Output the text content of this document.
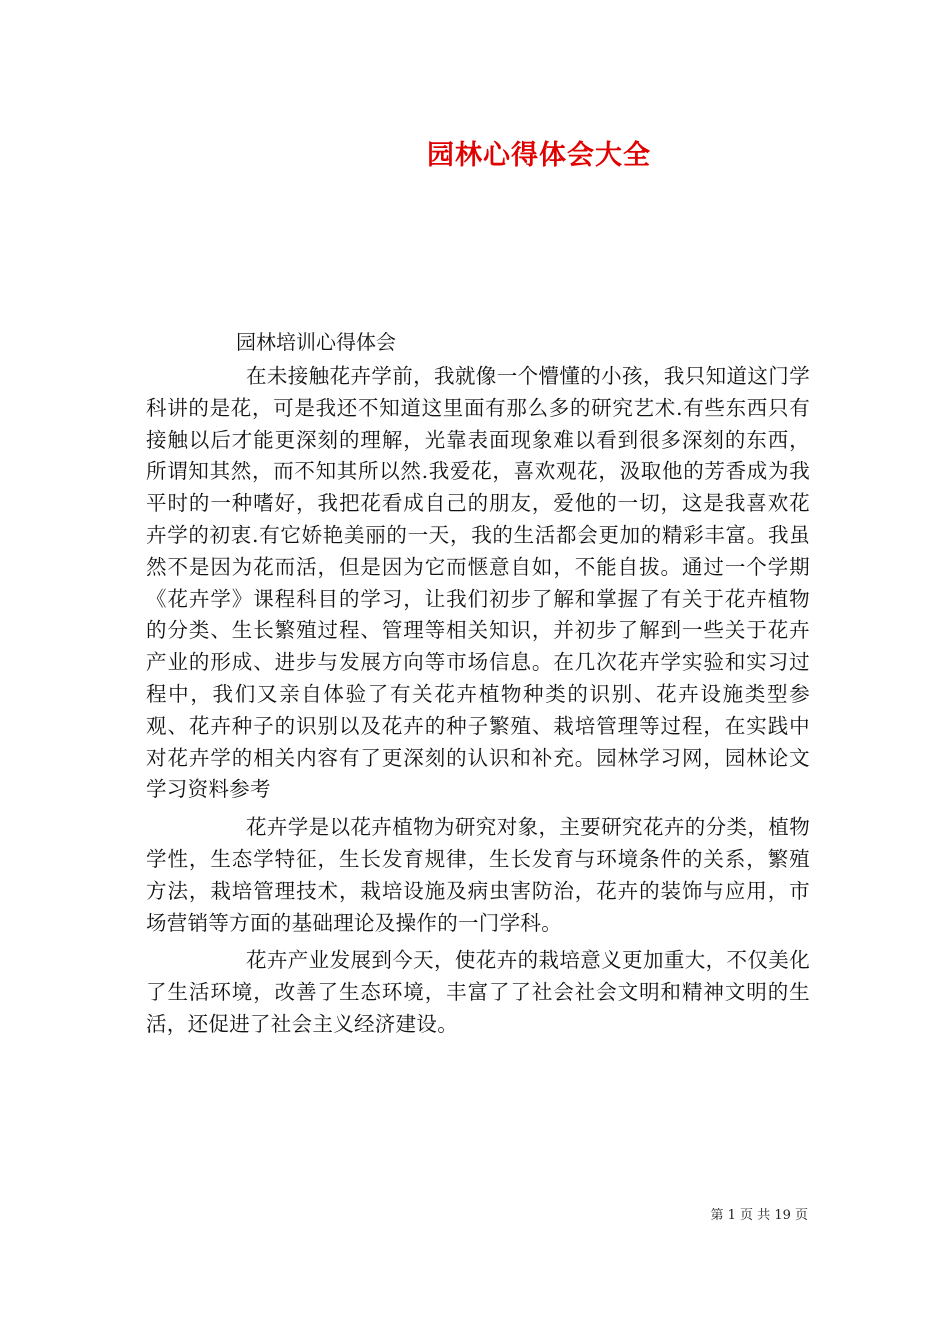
园林心得体会大全
园林培训心得体会

在未接触花卉学前，我就像一个懵懂的小孩，我只知道这门学科讲的是花，可是我还不知道这里面有那么多的研究艺术.有些东西只有接触以后才能更深刻的理解，光靠表面现象难以看到很多深刻的东西，所谓知其然，而不知其所以然.我爱花，喜欢观花，汲取他的芳香成为我平时的一种嗜好，我把花看成自己的朋友，爱他的一切，这是我喜欢花卉学的初衷.有它娇艳美丽的一天，我的生活都会更加的精彩丰富。我虽然不是因为花而活，但是因为它而惬意自如，不能自拔。通过一个学期《花卉学》课程科目的学习，让我们初步了解和掌握了有关于花卉植物的分类、生长繁殖过程、管理等相关知识，并初步了解到一些关于花卉产业的形成、进步与发展方向等市场信息。在几次花卉学实验和实习过程中，我们又亲自体验了有关花卉植物种类的识别、花卉设施类型参观、花卉种子的识别以及花卉的种子繁殖、栽培管理等过程，在实践中对花卉学的相关内容有了更深刻的认识和补充。园林学习网，园林论文学习资料参考

花卉学是以花卉植物为研究对象，主要研究花卉的分类，植物学性，生态学特征，生长发育规律，生长发育与环境条件的关系，繁殖方法，栽培管理技术，栽培设施及病虫害防治，花卉的装饰与应用，市场营销等方面的基础理论及操作的一门学科。

花卉产业发展到今天，使花卉的栽培意义更加重大，不仅美化了生活环境，改善了生态环境，丰富了了社会社会文明和精神文明的生活，还促进了社会主义经济建设。

第 1 页 共 19 页
